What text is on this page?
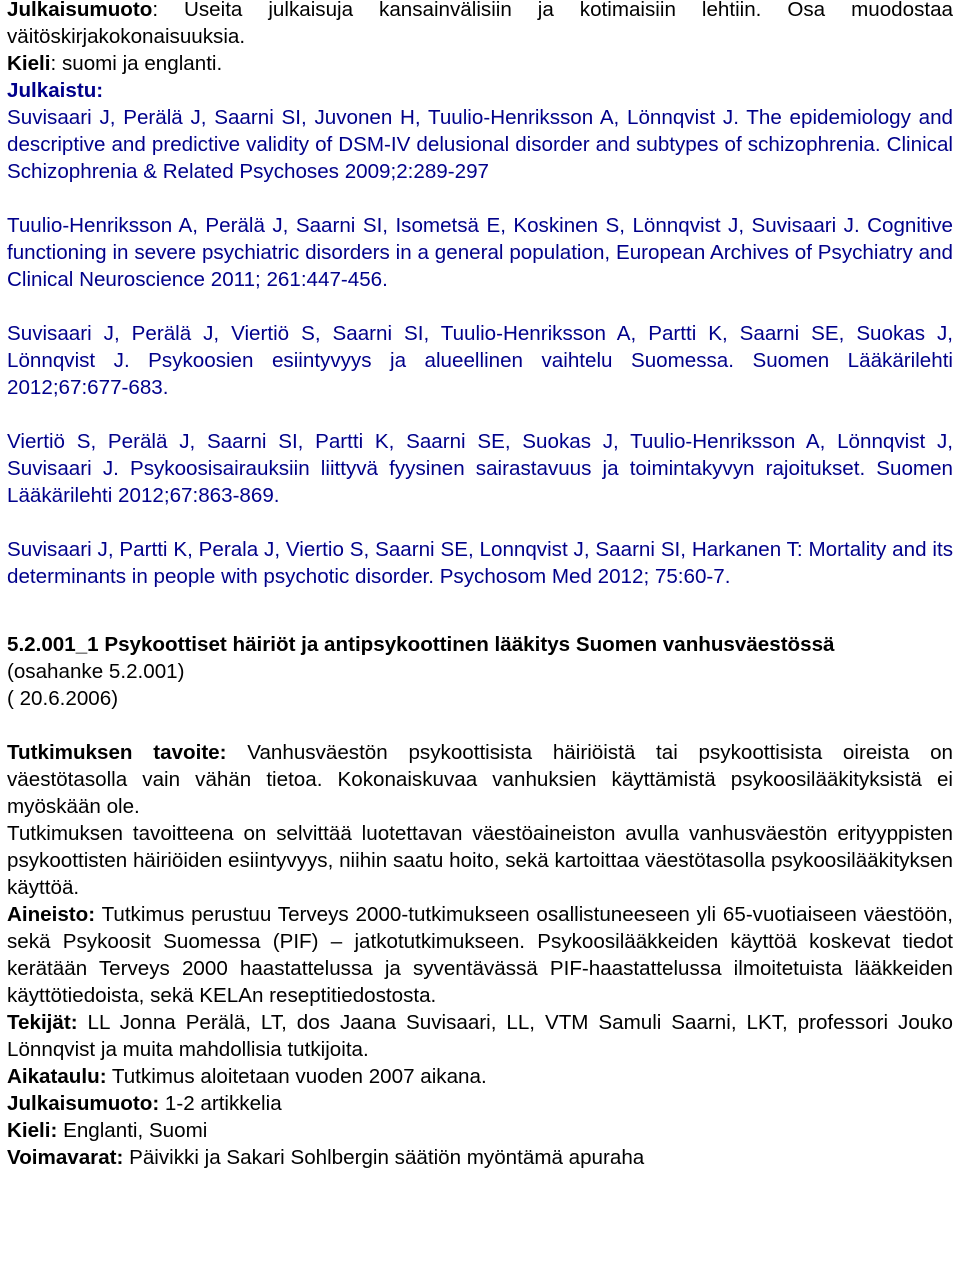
Julkaisumuoto: Useita julkaisuja kansainvälisiin ja kotimaisiin lehtiin. Osa muodostaa väitöskirjakokonaisuuksia.

Kieli: suomi ja englanti.

Julkaistu:

Suvisaari J, Perälä J, Saarni SI, Juvonen H, Tuulio-Henriksson A, Lönnqvist J. The epidemiology and descriptive and predictive validity of DSM-IV delusional disorder and subtypes of schizophrenia. Clinical Schizophrenia & Related Psychoses 2009;2:289-297

Tuulio-Henriksson A, Perälä J, Saarni SI, Isometsä E, Koskinen S, Lönnqvist J, Suvisaari J. Cognitive functioning in severe psychiatric disorders in a general population, European Archives of Psychiatry and Clinical Neuroscience 2011; 261:447-456.

Suvisaari J, Perälä J, Viertiö S, Saarni SI, Tuulio-Henriksson A, Partti K, Saarni SE, Suokas J, Lönnqvist J. Psykoosien esiintyvyys ja alueellinen vaihtelu Suomessa. Suomen Lääkärilehti 2012;67:677-683.

Viertiö S, Perälä J, Saarni SI, Partti K, Saarni SE, Suokas J, Tuulio-Henriksson A, Lönnqvist J, Suvisaari J. Psykoosisairauksiin liittyvä fyysinen sairastavuus ja toimintakyvyn rajoitukset. Suomen Lääkärilehti 2012;67:863-869.

Suvisaari J, Partti K, Perala J, Viertio S, Saarni SE, Lonnqvist J, Saarni SI, Harkanen T: Mortality and its determinants in people with psychotic disorder. Psychosom Med 2012; 75:60-7.

5.2.001_1 Psykoottiset häiriöt ja antipsykoottinen lääkitys Suomen vanhusväestössä

(osahanke 5.2.001)

( 20.6.2006)

Tutkimuksen tavoite: Vanhusväestön psykoottisista häiriöistä tai psykoottisista oireista on väestötasolla vain vähän tietoa. Kokonaiskuvaa vanhuksien käyttämistä psykoosilääkityksistä ei myöskään ole.

Tutkimuksen tavoitteena on selvittää luotettavan väestöaineiston avulla vanhusväestön erityyppisten psykoottisten häiriöiden esiintyvyys, niihin saatu hoito, sekä kartoittaa väestötasolla psykoosilääkityksen käyttöä.

Aineisto: Tutkimus perustuu Terveys 2000-tutkimukseen osallistuneeseen yli 65-vuotiaiseen väestöön, sekä Psykoosit Suomessa (PIF) – jatkotutkimukseen. Psykoosilääkkeiden käyttöä koskevat tiedot kerätään Terveys 2000 haastattelussa ja syventävässä PIF-haastattelussa ilmoitetuista lääkkeiden käyttötiedoista, sekä KELAn reseptitiedostosta.

Tekijät: LL Jonna Perälä, LT, dos Jaana Suvisaari, LL, VTM Samuli Saarni, LKT, professori Jouko Lönnqvist ja muita mahdollisia tutkijoita.

Aikataulu: Tutkimus aloitetaan vuoden 2007 aikana.

Julkaisumuoto: 1-2 artikkelia

Kieli: Englanti, Suomi

Voimavarat: Päivikki ja Sakari Sohlbergin säätiön myöntämä apuraha
